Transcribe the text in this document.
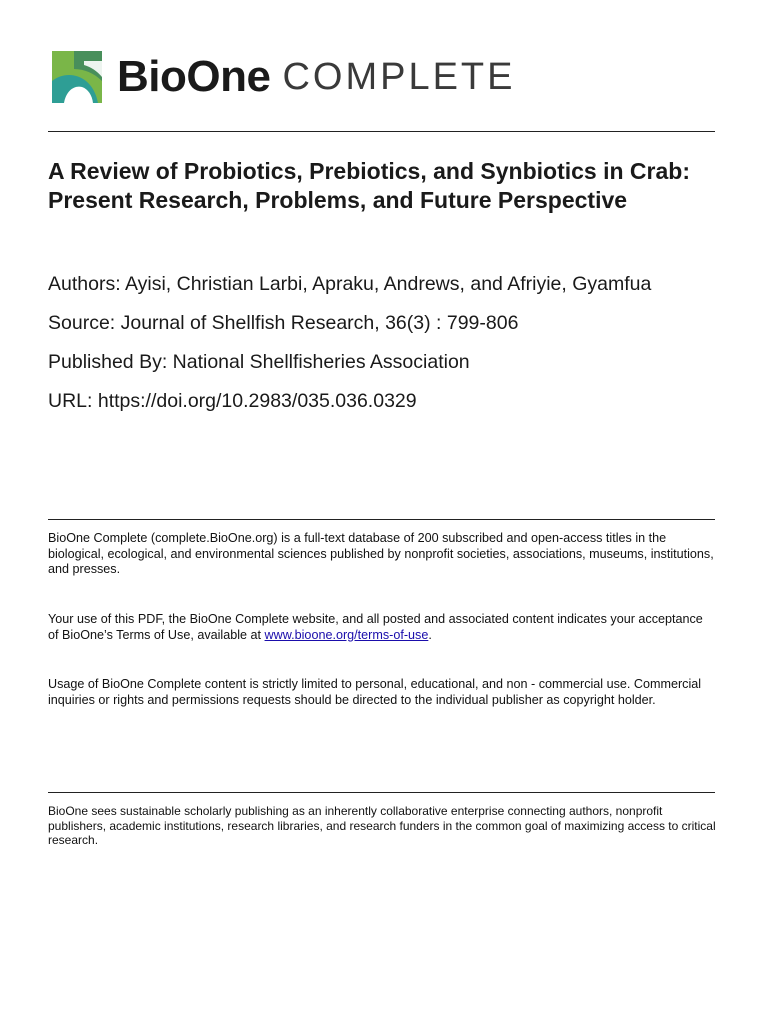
BioOne COMPLETE
A Review of Probiotics, Prebiotics, and Synbiotics in Crab: Present Research, Problems, and Future Perspective
Authors: Ayisi, Christian Larbi, Apraku, Andrews, and Afriyie, Gyamfua
Source: Journal of Shellfish Research, 36(3) : 799-806
Published By: National Shellfisheries Association
URL: https://doi.org/10.2983/035.036.0329

BioOne Complete (complete.BioOne.org) is a full-text database of 200 subscribed and open-access titles in the biological, ecological, and environmental sciences published by nonprofit societies, associations, museums, institutions, and presses.

Your use of this PDF, the BioOne Complete website, and all posted and associated content indicates your acceptance of BioOne’s Terms of Use, available at www.bioone.org/terms-of-use.

Usage of BioOne Complete content is strictly limited to personal, educational, and non - commercial use. Commercial inquiries or rights and permissions requests should be directed to the individual publisher as copyright holder.

BioOne sees sustainable scholarly publishing as an inherently collaborative enterprise connecting authors, nonprofit publishers, academic institutions, research libraries, and research funders in the common goal of maximizing access to critical research.
